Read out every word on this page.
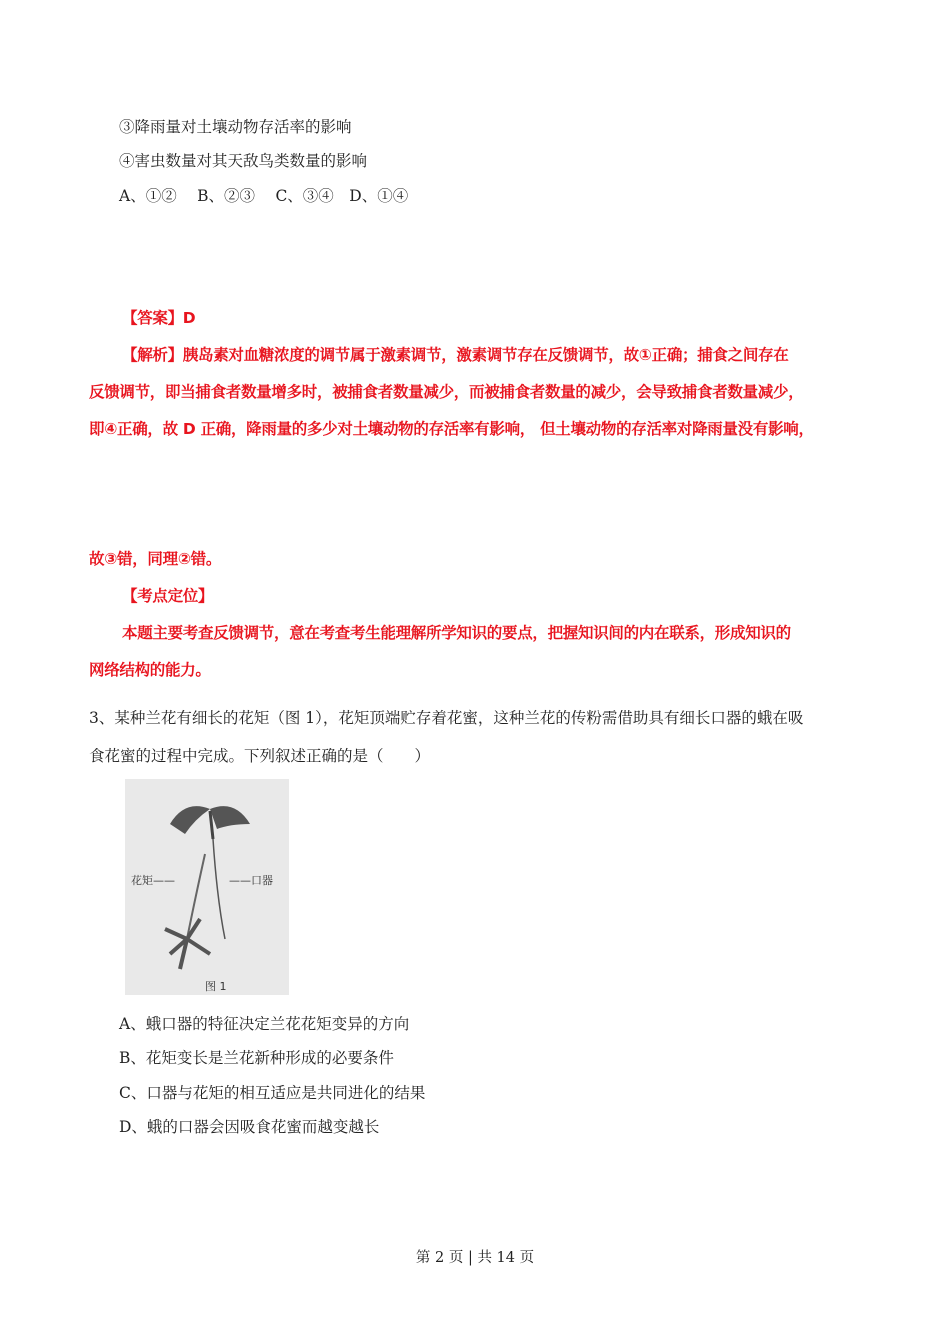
③降雨量对土壤动物存活率的影响
④害虫数量对其天敌鸟类数量的影响
A、①②　 B、②③　 C、③④　D、①④
【答案】D
【解析】胰岛素对血糖浓度的调节属于激素调节，激素调节存在反馈调节，故①正确；捕食之间存在
反馈调节，即当捕食者数量增多时，被捕食者数量减少，而被捕食者数量的减少，会导致捕食者数量减少，
即④正确，故 D 正确，降雨量的多少对土壤动物的存活率有影响， 但土壤动物的存活率对降雨量没有影响，
故③错，同理②错。
【考点定位】
本题主要考查反馈调节，意在考查考生能理解所学知识的要点，把握知识间的内在联系，形成知识的
网络结构的能力。
3、某种兰花有细长的花矩（图 1），花矩顶端贮存着花蜜，这种兰花的传粉需借助具有细长口器的蛾在吸
食花蜜的过程中完成。下列叙述正确的是（　　）
花矩——	——口器
图 1
A、蛾口器的特征决定兰花花矩变异的方向
B、花矩变长是兰花新种形成的必要条件
C、口器与花矩的相互适应是共同进化的结果
D、蛾的口器会因吸食花蜜而越变越长
第 2 页 | 共 14 页
